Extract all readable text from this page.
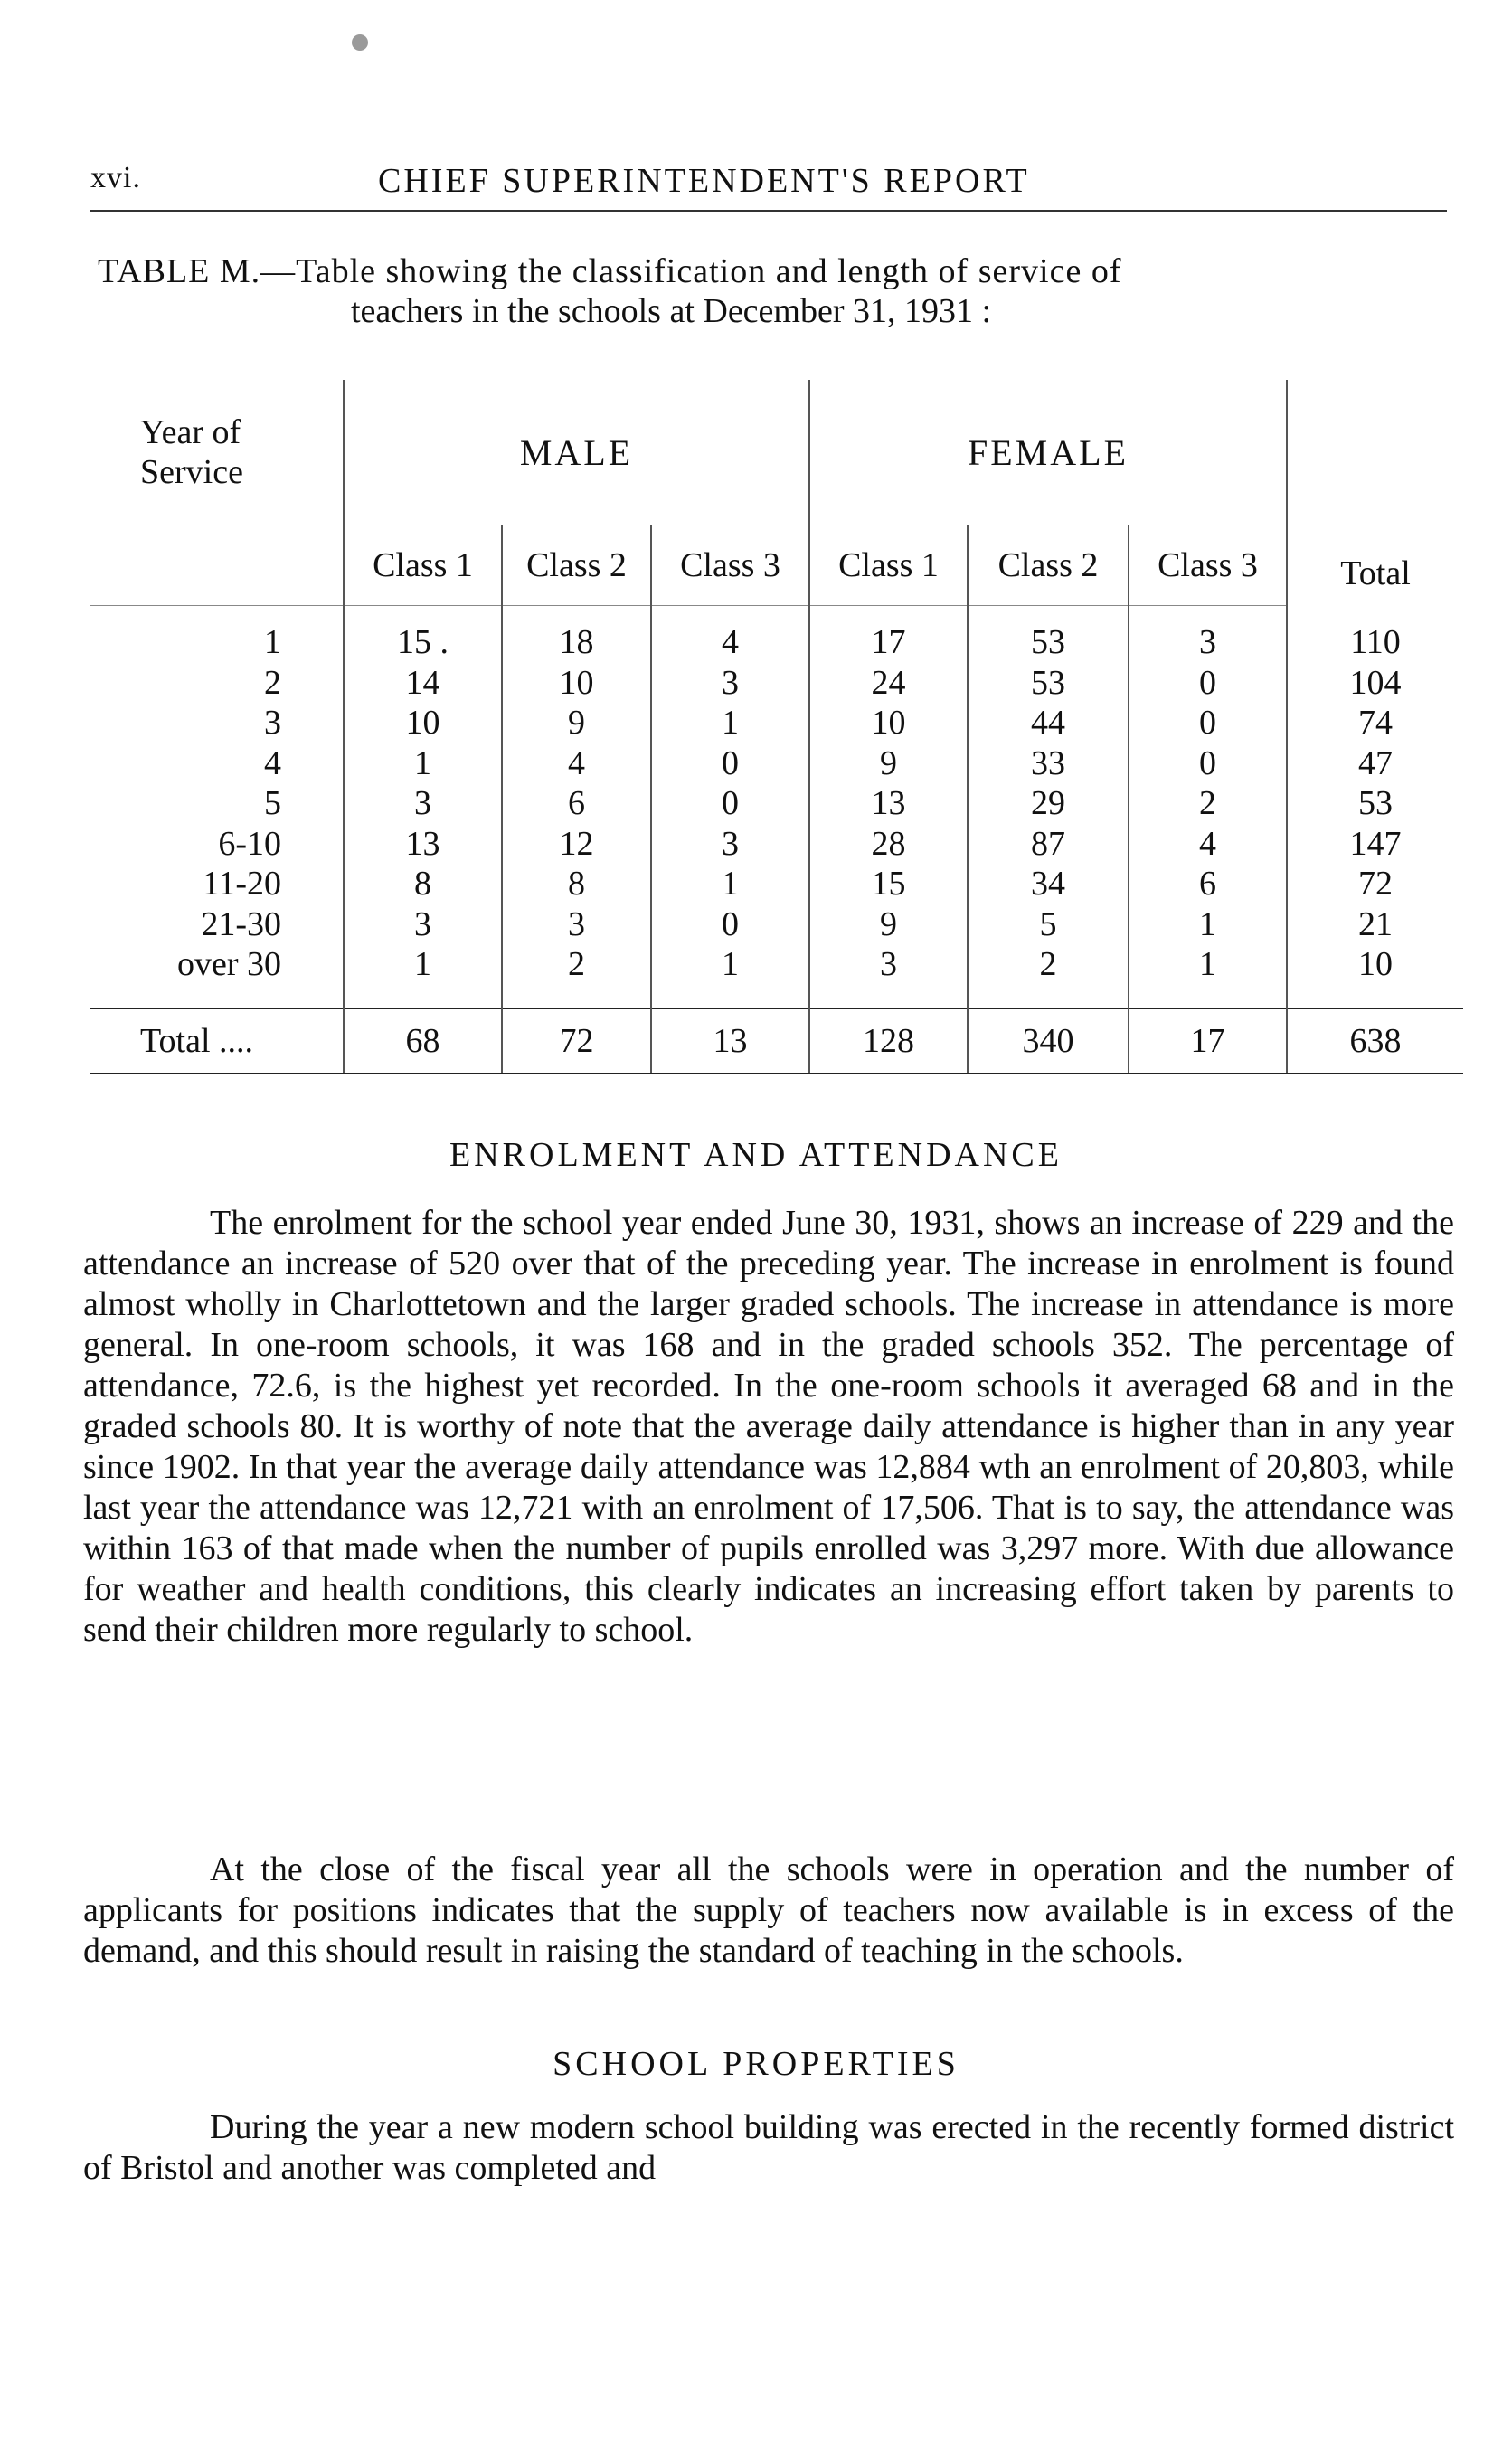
xvi.	CHIEF SUPERINTENDENT'S REPORT
TABLE M.—Table showing the classification and length of service of
teachers in the schools at December 31, 1931 :
Year of
Service	MALE			FEMALE			Total
	Class 1	Class 2	Class 3	Class 1	Class 2	Class 3	
1	15 .	18	4	17	53	3	110
2	14	10	3	24	53	0	104
3	10	9	1	10	44	0	74
4	1	4	0	9	33	0	47
5	3	6	0	13	29	2	53
6-10	13	12	3	28	87	4	147
11-20	8	8	1	15	34	6	72
21-30	3	3	0	9	5	1	21
over 30	1	2	1	3	2	1	10

Total ....	68	72	13	128	340	17	638
ENROLMENT AND ATTENDANCE
The enrolment for the school year ended June 30, 1931, shows an increase of 229 and the attendance an increase of 520 over that of the preceding year. The increase in enrolment is found almost wholly in Charlottetown and the larger graded schools. The increase in attendance is more general. In one-room schools, it was 168 and in the graded schools 352. The percentage of attendance, 72.6, is the highest yet recorded. In the one-room schools it averaged 68 and in the graded schools 80. It is worthy of note that the average daily attendance is higher than in any year since 1902. In that year the average daily attendance was 12,884 wth an enrolment of 20,803, while last year the attendance was 12,721 with an enrolment of 17,506. That is to say, the attendance was within 163 of that made when the number of pupils enrolled was 3,297 more. With due allowance for weather and health conditions, this clearly indicates an increasing effort taken by parents to send their children more regularly to school.
At the close of the fiscal year all the schools were in operation and the number of applicants for positions indicates that the supply of teachers now available is in excess of the demand, and this should result in raising the standard of teaching in the schools.
SCHOOL PROPERTIES
During the year a new modern school building was erected in the recently formed district of Bristol and another was completed and
